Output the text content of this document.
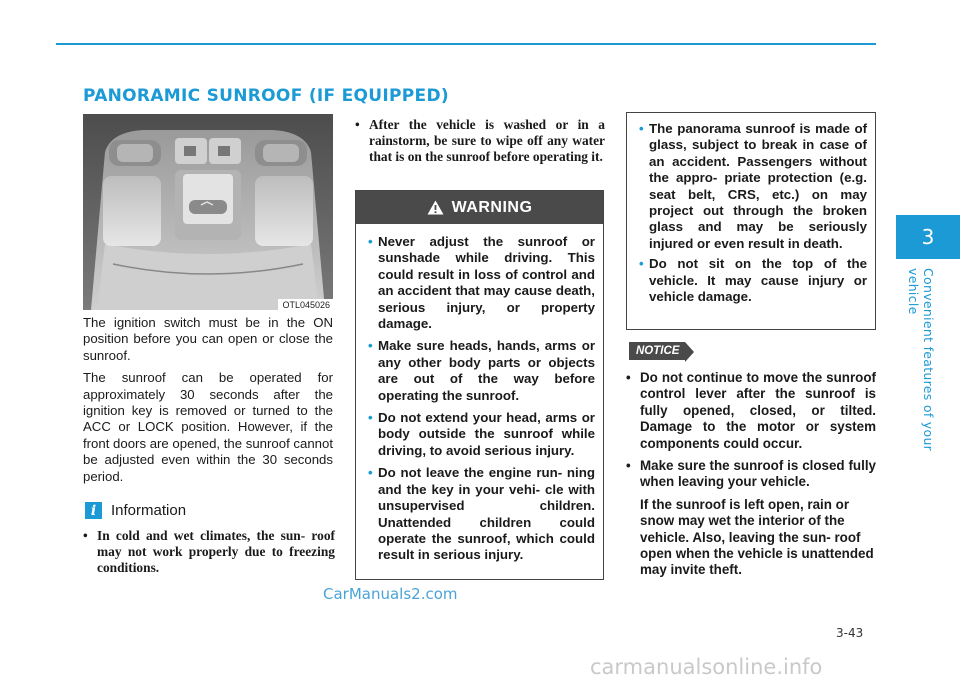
PANORAMIC SUNROOF (IF EQUIPPED)
3
Convenient features of your vehicle
OTL045026

The ignition switch must be in the ON position before you can open or close the sunroof.

The sunroof can be operated for approximately 30 seconds after the ignition key is removed or turned to the ACC or LOCK position. However, if the front doors are opened, the sunroof cannot be adjusted even within the 30 seconds period.

i Information
• In cold and wet climates, the sun- roof may not work properly due to freezing conditions.
• After the vehicle is washed or in a rainstorm, be sure to wipe off any water that is on the sunroof before operating it.
WARNING
• Never adjust the sunroof or sunshade while driving. This could result in loss of control and an accident that may cause death, serious injury, or property damage.
• Make sure heads, hands, arms or any other body parts or objects are out of the way before operating the sunroof.
• Do not extend your head, arms or body outside the sunroof while driving, to avoid serious injury.
• Do not leave the engine run- ning and the key in your vehi- cle with unsupervised children. Unattended children could operate the sunroof, which could result in serious injury.
• The panorama sunroof is made of glass, subject to break in case of an accident. Passengers without the appro- priate protection (e.g. seat belt, CRS, etc.) on may project out through the broken glass and may be seriously injured or even result in death.
• Do not sit on the top of the vehicle. It may cause injury or vehicle damage.
NOTICE
• Do not continue to move the sunroof control lever after the sunroof is fully opened, closed, or tilted. Damage to the motor or system components could occur.
• Make sure the sunroof is closed fully when leaving your vehicle.
If the sunroof is left open, rain or snow may wet the interior of the vehicle. Also, leaving the sun- roof open when the vehicle is unattended may invite theft.
CarManuals2.com
3-43
carmanualsonline.info
